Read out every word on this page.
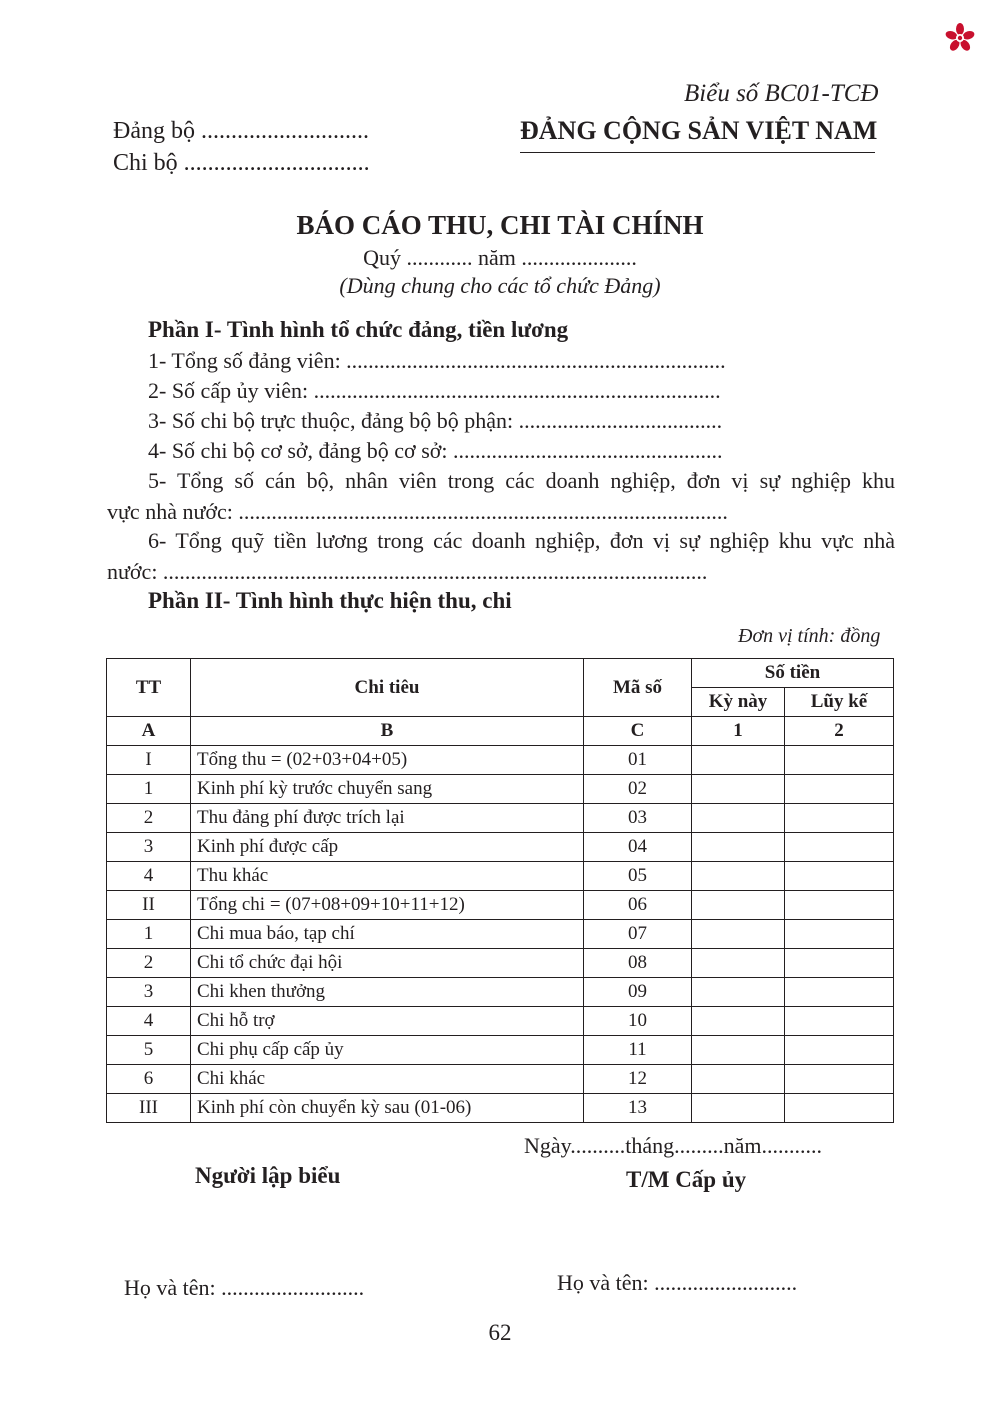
Biểu số BC01-TCĐ
Đảng bộ ............................
Chi bộ ...............................
ĐẢNG CỘNG SẢN VIỆT NAM
BÁO CÁO THU, CHI TÀI CHÍNH
Quý ............ năm .....................
(Dùng chung cho các tổ chức Đảng)
Phần I- Tình hình tổ chức đảng, tiền lương
1- Tổng số đảng viên: .....................................................................
2- Số cấp ủy viên: ..........................................................................
3- Số chi bộ trực thuộc, đảng bộ bộ phận: .....................................
4- Số chi bộ cơ sở, đảng bộ cơ sở: .................................................
5- Tổng số cán bộ, nhân viên trong các doanh nghiệp, đơn vị sự nghiệp khu
vực nhà nước: .........................................................................................
6- Tổng quỹ tiền lương trong các doanh nghiệp, đơn vị sự nghiệp khu vực nhà
nước: ...................................................................................................
Phần II- Tình hình thực hiện thu, chi
Đơn vị tính: đồng
TT	Chi tiêu	Mã số	Số tiền	
			Kỳ này	Lũy kế
A	B	C	1	2
I	Tổng thu = (02+03+04+05)	01		
1	Kinh phí kỳ trước chuyển sang	02		
2	Thu đảng phí được trích lại	03		
3	Kinh phí được cấp	04		
4	Thu khác	05		
II	Tổng chi = (07+08+09+10+11+12)	06		
1	Chi mua báo, tạp chí	07		
2	Chi tổ chức đại hội	08		
3	Chi khen thưởng	09		
4	Chi hỗ trợ	10		
5	Chi phụ cấp cấp ủy	11		
6	Chi khác	12		
III	Kinh phí còn chuyển kỳ sau (01-06)	13		
Ngày..........tháng.........năm...........
Người lập biểu	T/M Cấp ủy
Họ và tên: ..........................	Họ và tên: ..........................
62
